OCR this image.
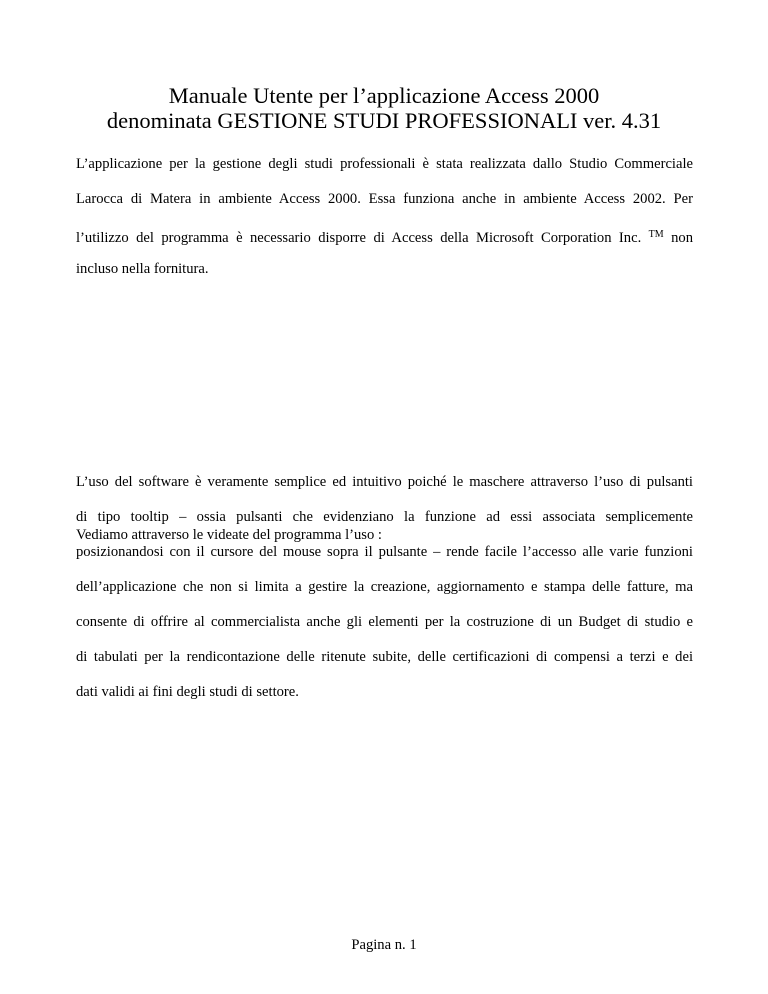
Manuale Utente per l’applicazione Access 2000
denominata GESTIONE STUDI PROFESSIONALI ver. 4.31
L’applicazione per la gestione degli studi professionali è stata realizzata dallo Studio Commerciale
Larocca di Matera in ambiente Access 2000. Essa funziona anche in ambiente Access 2002. Per
l’utilizzo del programma è necessario disporre di Access della Microsoft Corporation Inc. ™ non
incluso nella fornitura.
L’uso del software è veramente semplice ed intuitivo poiché le maschere attraverso l’uso di pulsanti
di tipo tooltip – ossia pulsanti che evidenziano la funzione ad essi associata semplicemente
posizionandosi con il cursore del mouse sopra il pulsante – rende facile l’accesso alle varie funzioni
dell’applicazione che non si limita a gestire la creazione, aggiornamento e stampa delle fatture, ma
consente di offrire al commercialista anche gli elementi per la costruzione di un Budget di studio e
di tabulati per la rendicontazione delle ritenute subite, delle certificazioni di compensi a terzi e dei
dati validi ai fini degli studi di settore.
Vediamo attraverso le videate del programma l’uso :
Pagina n. 1
